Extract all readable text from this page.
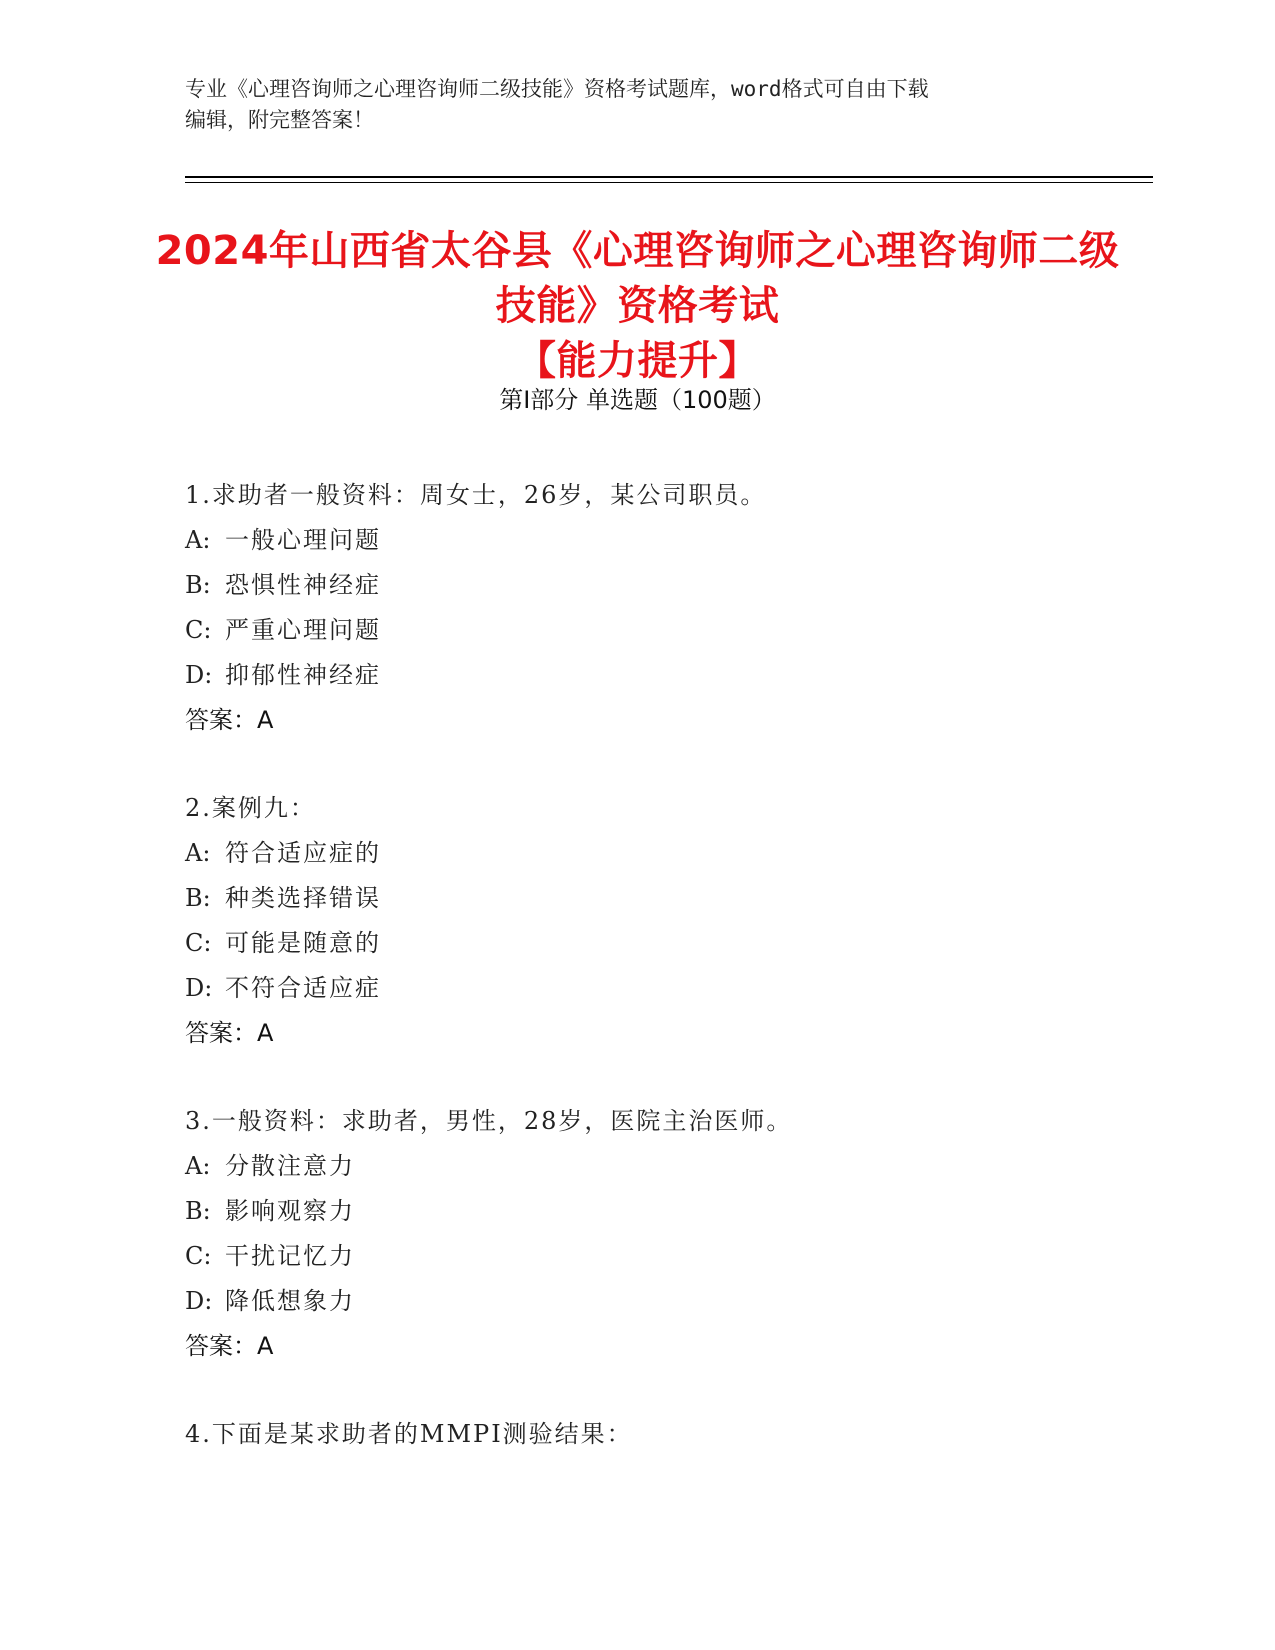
专业《心理咨询师之心理咨询师二级技能》资格考试题库，word格式可自由下载
编辑，附完整答案！
2024年山西省太谷县《心理咨询师之心理咨询师二级技能》资格考试
【能力提升】
第Ⅰ部分 单选题（100题）
1.求助者一般资料：周女士，26岁，某公司职员。
A: 一般心理问题
B: 恐惧性神经症
C: 严重心理问题
D: 抑郁性神经症
答案：A
2.案例九：
A: 符合适应症的
B: 种类选择错误
C: 可能是随意的
D: 不符合适应症
答案：A
3.一般资料：求助者，男性，28岁，医院主治医师。
A: 分散注意力
B: 影响观察力
C: 干扰记忆力
D: 降低想象力
答案：A
4.下面是某求助者的MMPI测验结果：
